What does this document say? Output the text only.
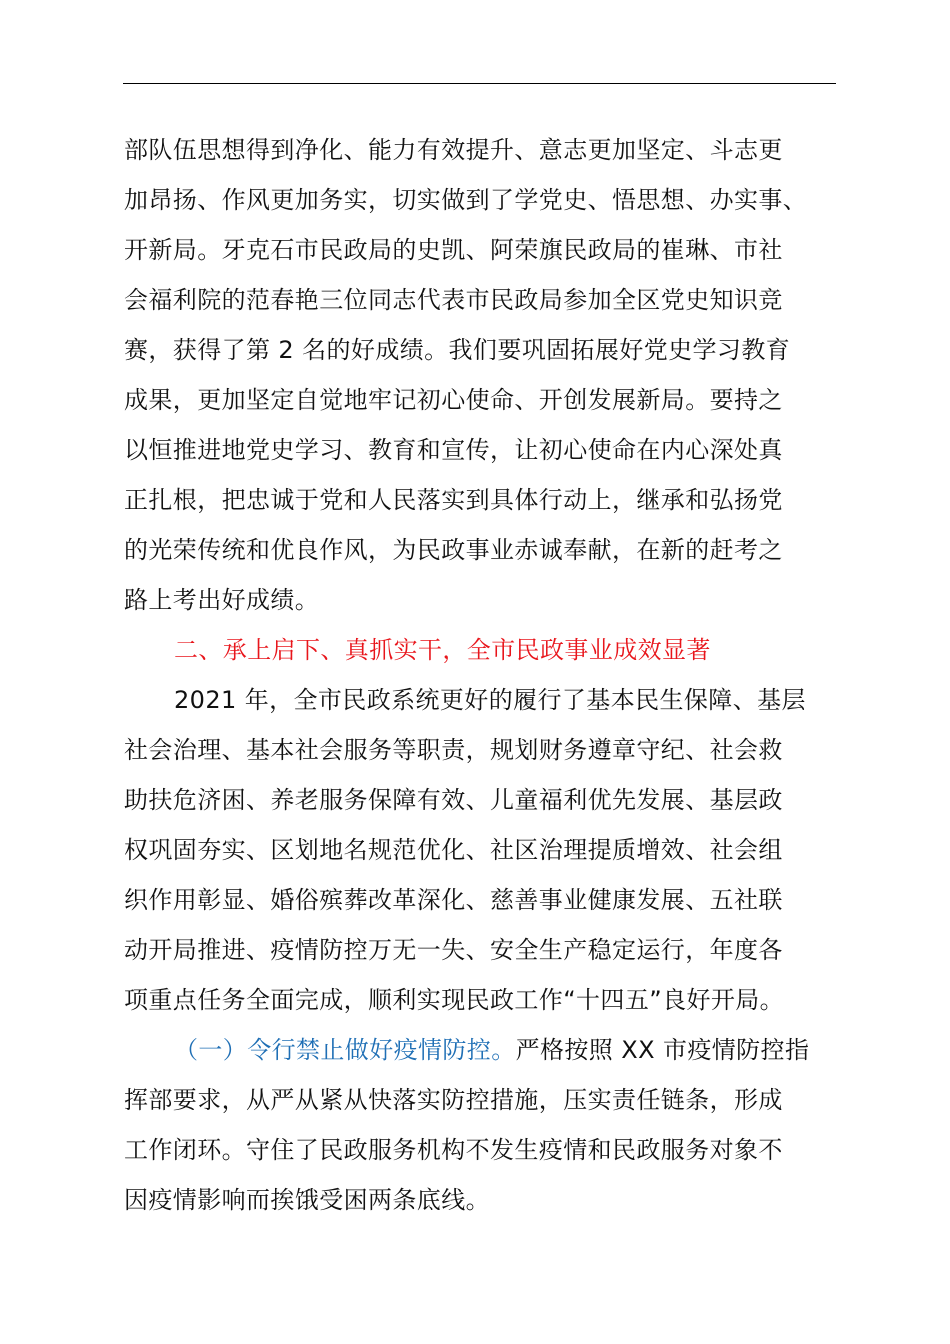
部队伍思想得到净化、能力有效提升、意志更加坚定、斗志更
加昂扬、作风更加务实，切实做到了学党史、悟思想、办实事、
开新局。牙克石市民政局的史凯、阿荣旗民政局的崔琳、市社
会福利院的范春艳三位同志代表市民政局参加全区党史知识竞
赛，获得了第 2 名的好成绩。我们要巩固拓展好党史学习教育
成果，更加坚定自觉地牢记初心使命、开创发展新局。要持之
以恒推进地党史学习、教育和宣传，让初心使命在内心深处真
正扎根，把忠诚于党和人民落实到具体行动上，继承和弘扬党
的光荣传统和优良作风，为民政事业赤诚奉献，在新的赶考之
路上考出好成绩。
二、承上启下、真抓实干，全市民政事业成效显著
2021 年，全市民政系统更好的履行了基本民生保障、基层
社会治理、基本社会服务等职责，规划财务遵章守纪、社会救
助扶危济困、养老服务保障有效、儿童福利优先发展、基层政
权巩固夯实、区划地名规范优化、社区治理提质增效、社会组
织作用彰显、婚俗殡葬改革深化、慈善事业健康发展、五社联
动开局推进、疫情防控万无一失、安全生产稳定运行，年度各
项重点任务全面完成，顺利实现民政工作“十四五”良好开局。
（一）令行禁止做好疫情防控。严格按照 XX 市疫情防控指
挥部要求，从严从紧从快落实防控措施，压实责任链条，形成
工作闭环。守住了民政服务机构不发生疫情和民政服务对象不
因疫情影响而挨饿受困两条底线。
